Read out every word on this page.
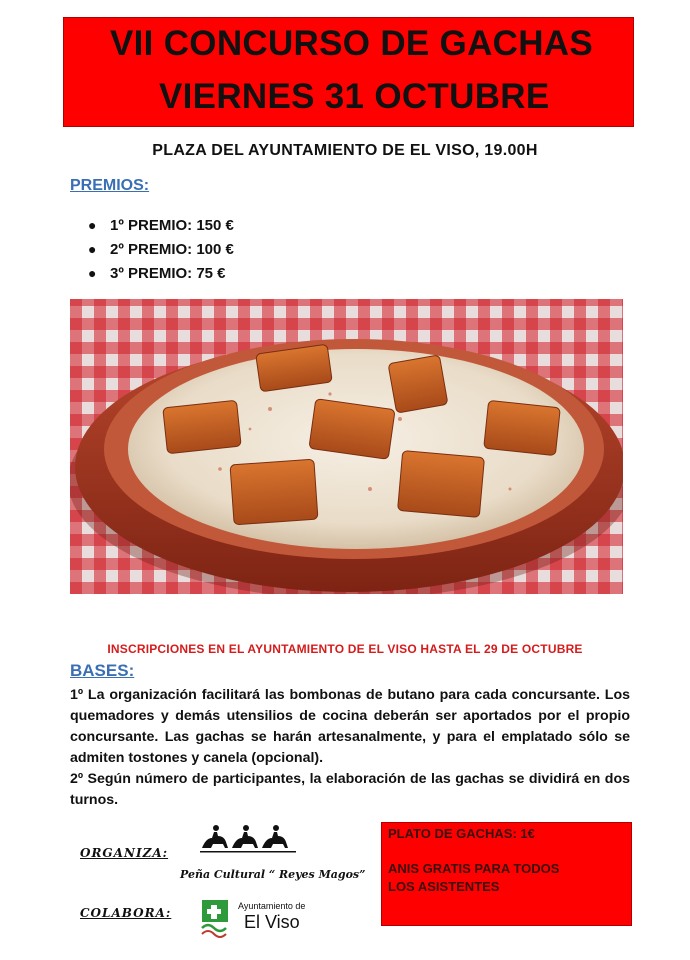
VII CONCURSO DE GACHAS
VIERNES 31 OCTUBRE
PLAZA DEL AYUNTAMIENTO DE EL VISO, 19.00H
PREMIOS:
● 1º PREMIO: 150 €
● 2º PREMIO: 100 €
● 3º PREMIO: 75 €
INSCRIPCIONES EN EL AYUNTAMIENTO DE EL VISO HASTA EL 29 DE OCTUBRE
BASES:

1º La organización facilitará las bombonas de butano para cada concursante. Los quemadores y demás utensilios de cocina deberán ser aportados por el propio concursante. Las gachas se harán artesanalmente, y para el emplatado sólo se admiten tostones y canela (opcional).

2º Según número de participantes, la elaboración de las gachas se dividirá en dos turnos.

ORGANIZA:
Peña Cultural “ Reyes Magos”
COLABORA:	Ayuntamiento de
El Viso
PLATO DE GACHAS: 1€
ANIS GRATIS PARA TODOS
LOS ASISTENTES
